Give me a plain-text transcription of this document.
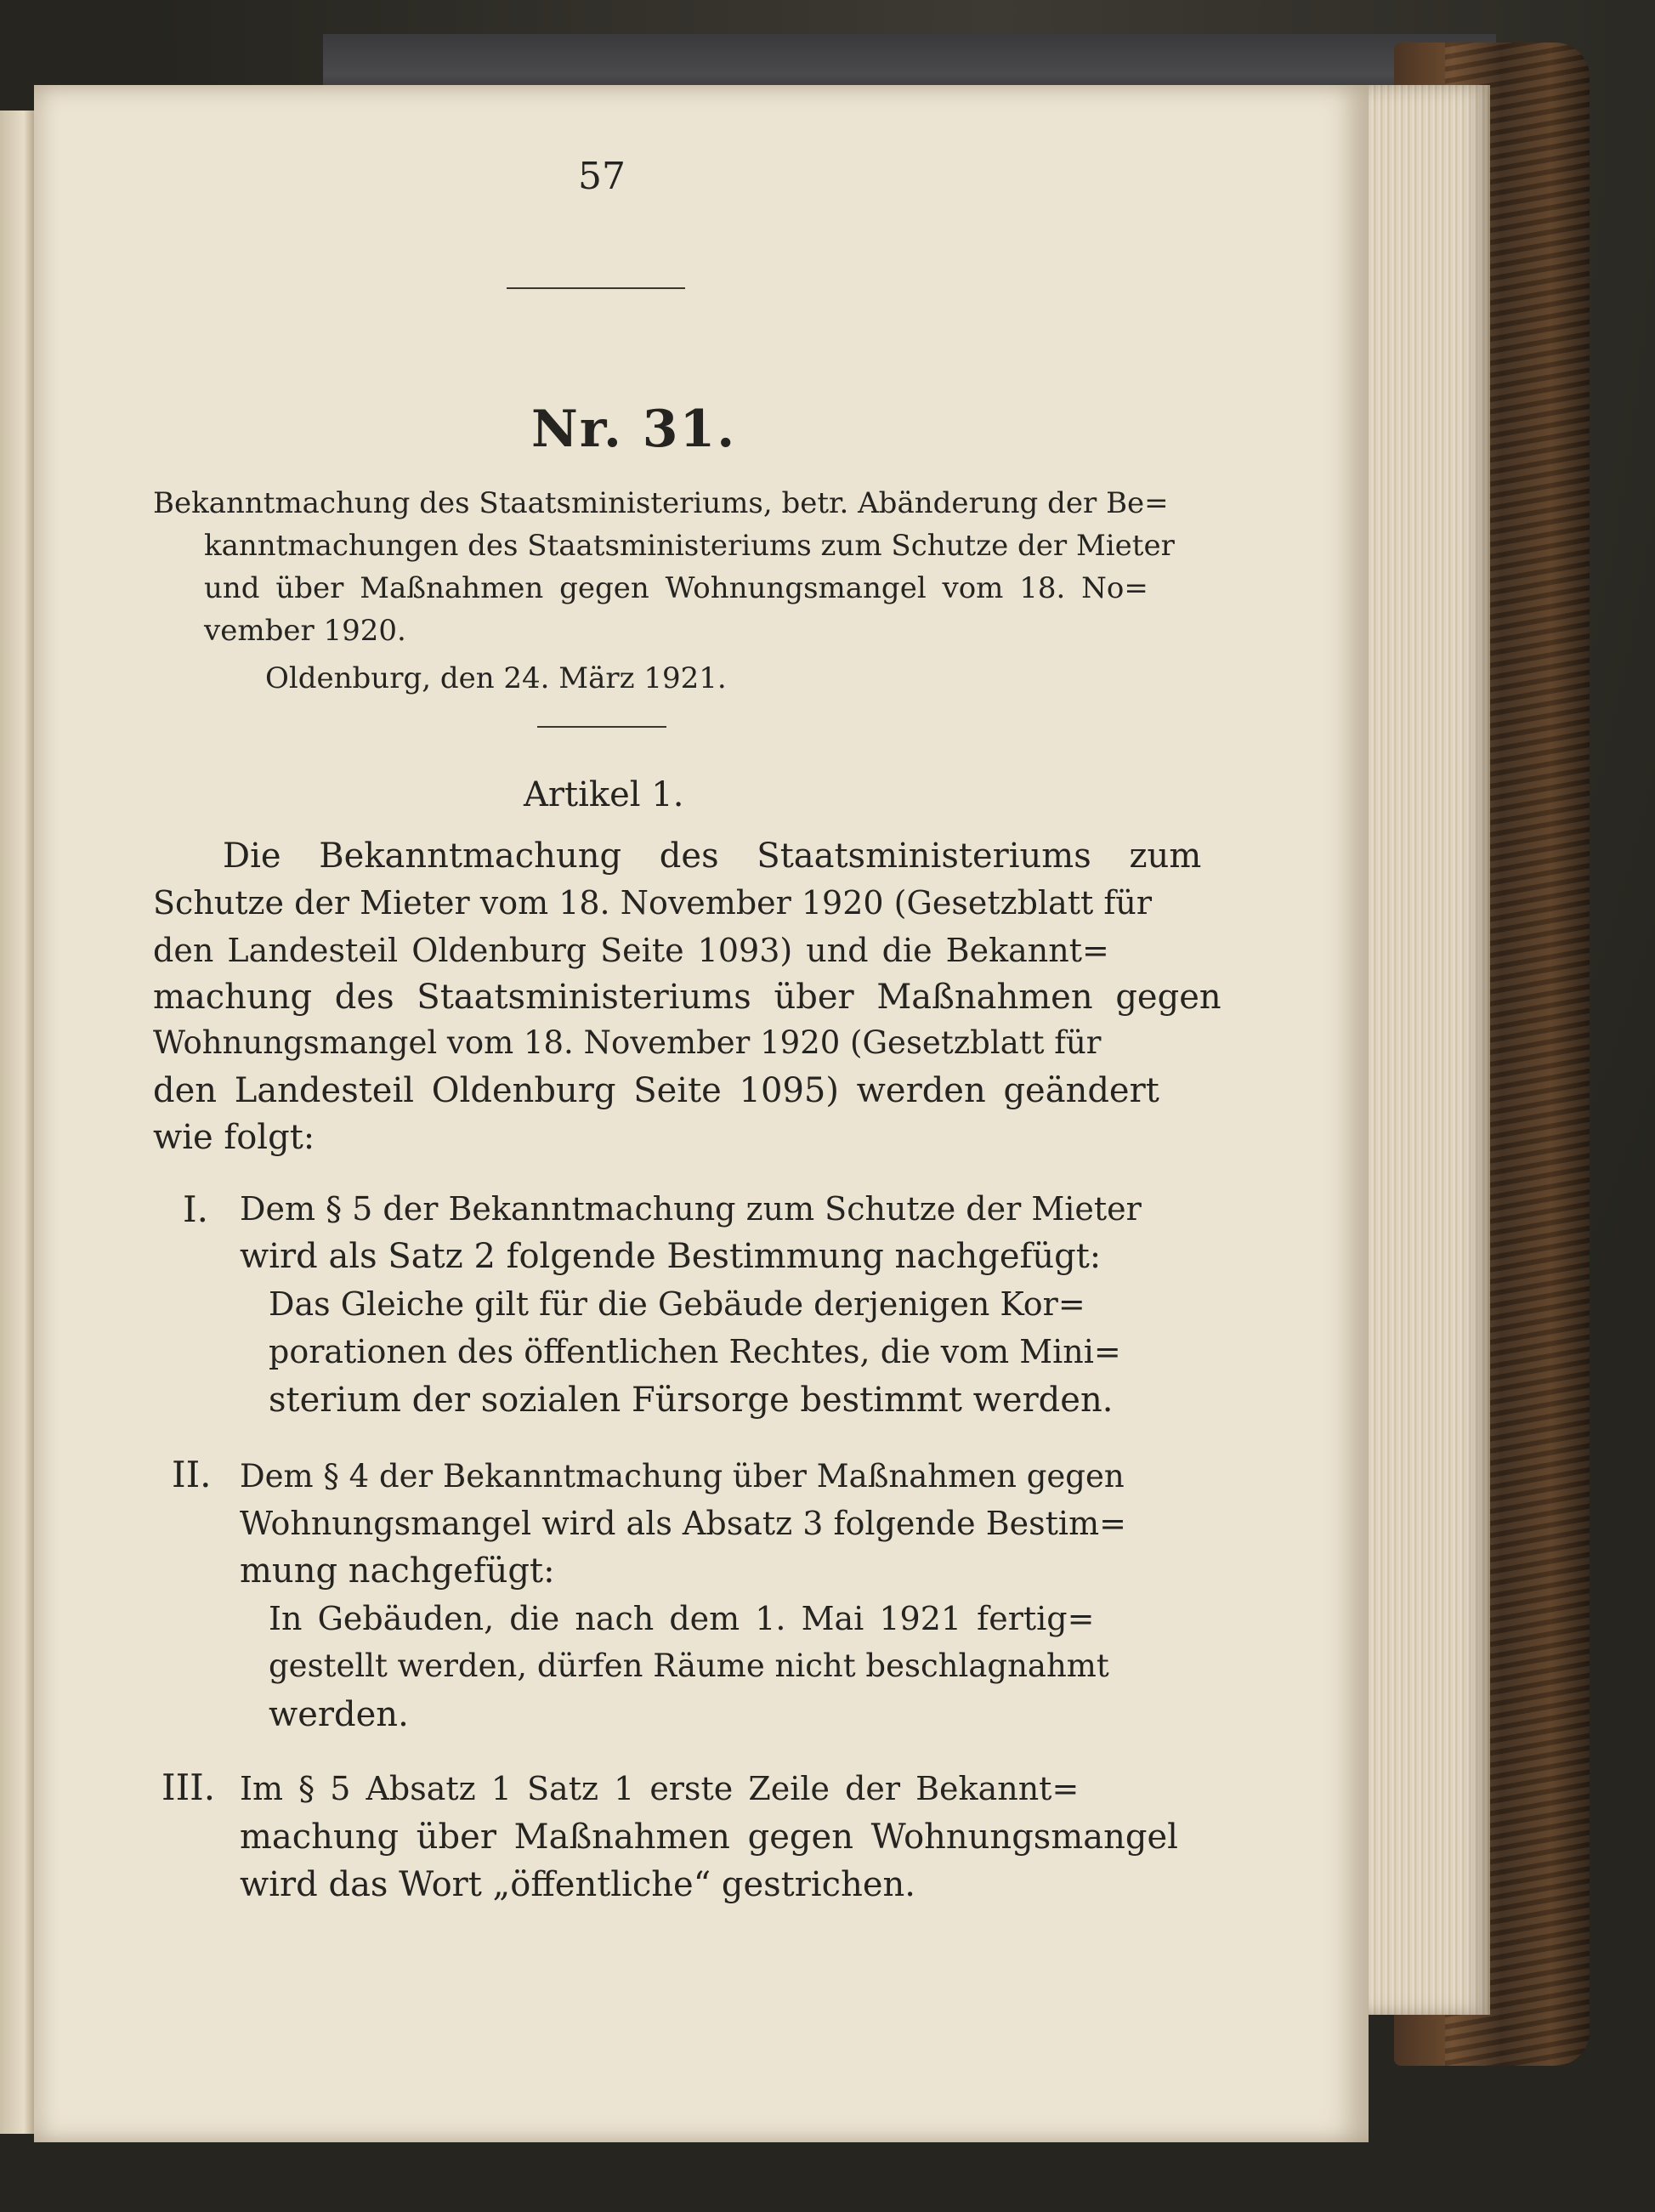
57
Nr. 31.
Bekanntmachung des Staatsministeriums, betr. Abänderung der Be=
kanntmachungen des Staatsministeriums zum Schutze der Mieter
und über Maßnahmen gegen Wohnungsmangel vom 18. No=
vember 1920.
Oldenburg, den 24. März 1921.
Artikel 1.
Die Bekanntmachung des Staatsministeriums zum
Schutze der Mieter vom 18. November 1920 (Gesetzblatt für
den Landesteil Oldenburg Seite 1093) und die Bekannt=
machung des Staatsministeriums über Maßnahmen gegen
Wohnungsmangel vom 18. November 1920 (Gesetzblatt für
den Landesteil Oldenburg Seite 1095) werden geändert
wie folgt:
I. Dem § 5 der Bekanntmachung zum Schutze der Mieter
wird als Satz 2 folgende Bestimmung nachgefügt:
Das Gleiche gilt für die Gebäude derjenigen Kor=
porationen des öffentlichen Rechtes, die vom Mini=
sterium der sozialen Fürsorge bestimmt werden.
II. Dem § 4 der Bekanntmachung über Maßnahmen gegen
Wohnungsmangel wird als Absatz 3 folgende Bestim=
mung nachgefügt:
In Gebäuden, die nach dem 1. Mai 1921 fertig=
gestellt werden, dürfen Räume nicht beschlagnahmt
werden.
III. Im § 5 Absatz 1 Satz 1 erste Zeile der Bekannt=
machung über Maßnahmen gegen Wohnungsmangel
wird das Wort „öffentliche“ gestrichen.
